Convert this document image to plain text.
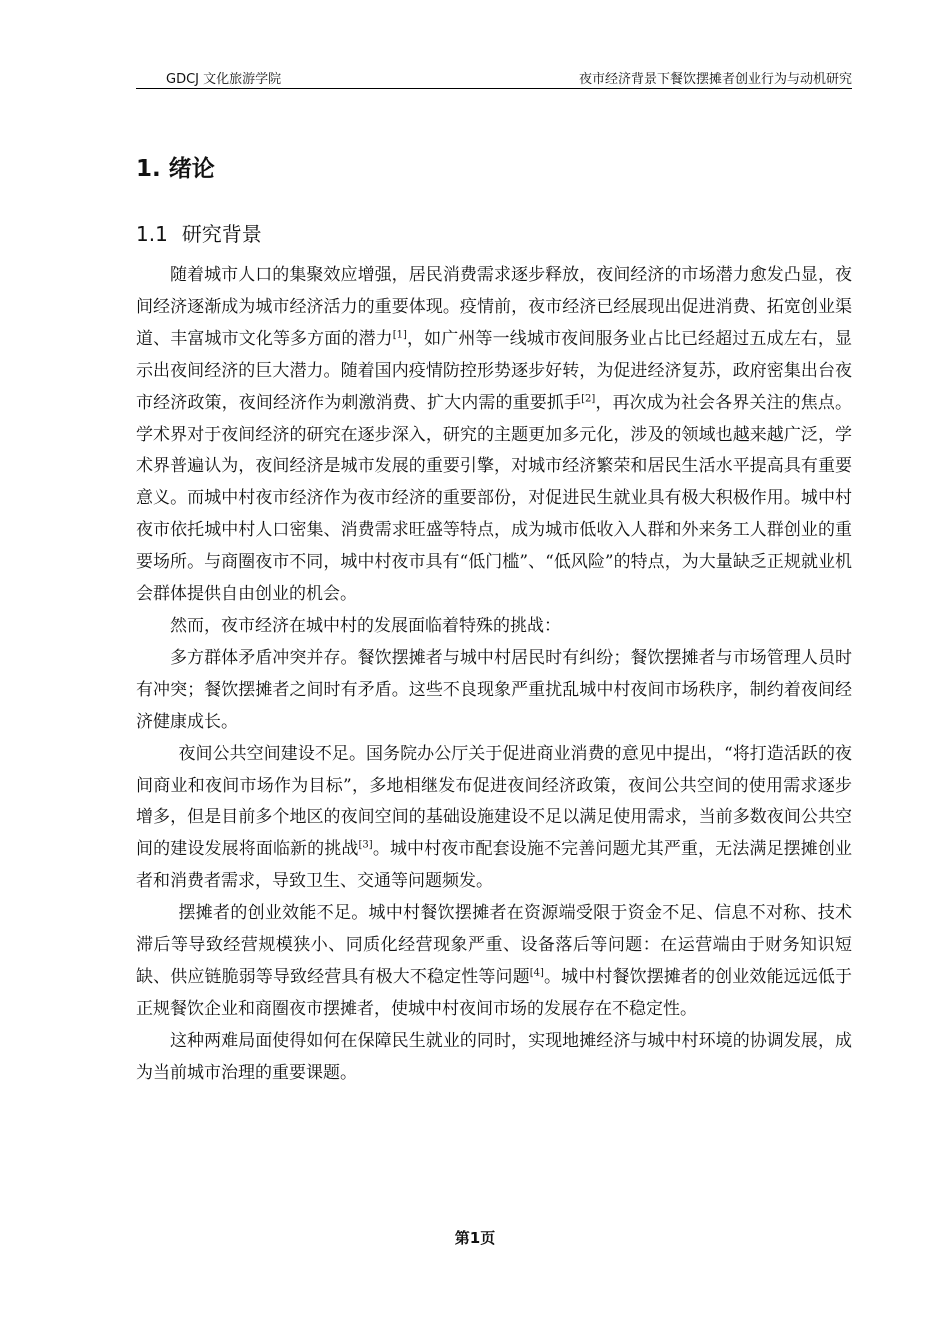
GDCJ 文化旅游学院	夜市经济背景下餐饮摆摊者创业行为与动机研究
1. 绪论
1.1 研究背景

随着城市人口的集聚效应增强，居民消费需求逐步释放，夜间经济的市场潜力愈发凸显，夜间经济逐渐成为城市经济活力的重要体现。疫情前，夜市经济已经展现出促进消费、拓宽创业渠道、丰富城市文化等多方面的潜力[1]，如广州等一线城市夜间服务业占比已经超过五成左右，显示出夜间经济的巨大潜力。随着国内疫情防控形势逐步好转，为促进经济复苏，政府密集出台夜市经济政策，夜间经济作为刺激消费、扩大内需的重要抓手[2]，再次成为社会各界关注的焦点。学术界对于夜间经济的研究在逐步深入，研究的主题更加多元化，涉及的领域也越来越广泛，学术界普遍认为，夜间经济是城市发展的重要引擎，对城市经济繁荣和居民生活水平提高具有重要意义。而城中村夜市经济作为夜市经济的重要部份，对促进民生就业具有极大积极作用。城中村夜市依托城中村人口密集、消费需求旺盛等特点，成为城市低收入人群和外来务工人群创业的重要场所。与商圈夜市不同，城中村夜市具有“低门槛”、“低风险”的特点，为大量缺乏正规就业机会群体提供自由创业的机会。

然而，夜市经济在城中村的发展面临着特殊的挑战：

多方群体矛盾冲突并存。餐饮摆摊者与城中村居民时有纠纷；餐饮摆摊者与市场管理人员时有冲突；餐饮摆摊者之间时有矛盾。这些不良现象严重扰乱城中村夜间市场秩序，制约着夜间经济健康成长。

夜间公共空间建设不足。国务院办公厅关于促进商业消费的意见中提出，“将打造活跃的夜间商业和夜间市场作为目标”，多地相继发布促进夜间经济政策，夜间公共空间的使用需求逐步增多，但是目前多个地区的夜间空间的基础设施建设不足以满足使用需求，当前多数夜间公共空间的建设发展将面临新的挑战[3]。城中村夜市配套设施不完善问题尤其严重，无法满足摆摊创业者和消费者需求，导致卫生、交通等问题频发。

摆摊者的创业效能不足。城中村餐饮摆摊者在资源端受限于资金不足、信息不对称、技术滞后等导致经营规模狭小、同质化经营现象严重、设备落后等问题：在运营端由于财务知识短缺、供应链脆弱等导致经营具有极大不稳定性等问题[4]。城中村餐饮摆摊者的创业效能远远低于正规餐饮企业和商圈夜市摆摊者，使城中村夜间市场的发展存在不稳定性。

这种两难局面使得如何在保障民生就业的同时，实现地摊经济与城中村环境的协调发展，成为当前城市治理的重要课题。

第1页
